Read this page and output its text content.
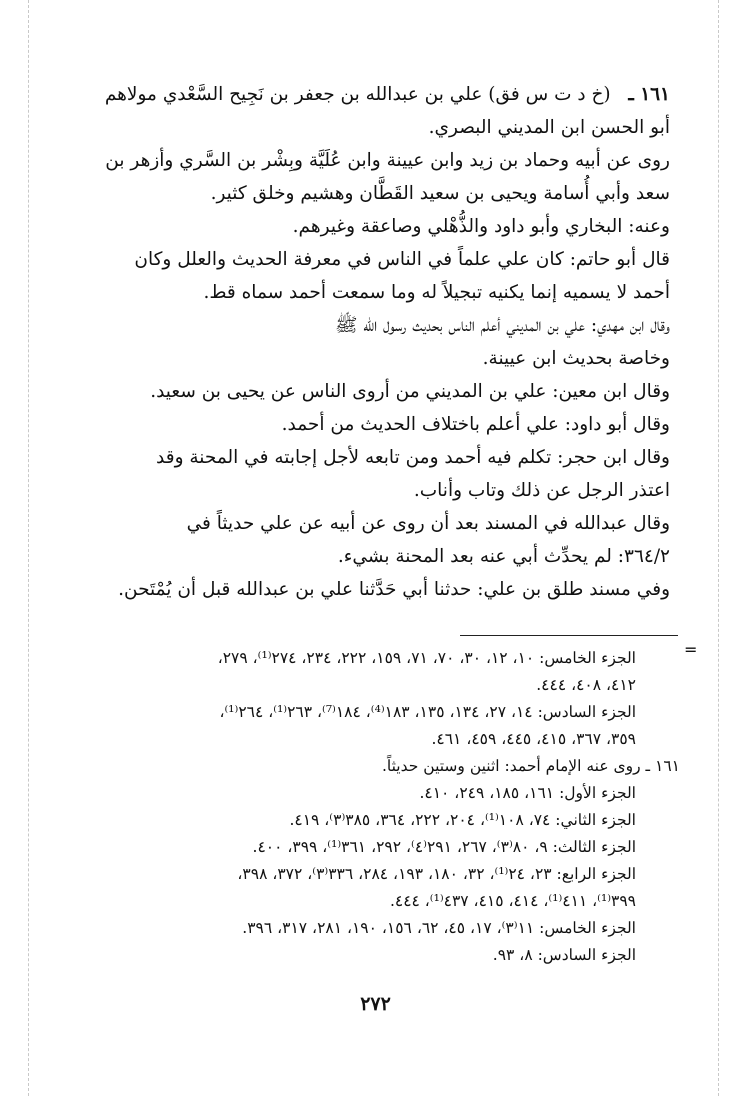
١٦١ ـ   (خ د ت س فق) علي بن عبدالله بن جعفر بن نَجِيح السَّعْدي مولاهم

أبو الحسن ابن المديني البصري.

روى عن أبيه وحماد بن زيد وابن عيينة وابن عُلَيَّة وبِشْر بن السَّري وأزهر بن

سعد وأبي أُسامة ويحيى بن سعيد القَطَّان وهشيم وخلق كثير.

وعنه: البخاري وأبو داود والذُّهْلي وصاعقة وغيرهم.

قال أبو حاتم: كان علي علماً في الناس في معرفة الحديث والعلل وكان

أحمد لا يسميه إنما يكنيه تبجيلاً له وما سمعت أحمد سماه قط.

وقال ابن مهدي: علي بن المديني أعلم الناس بحديث رسول الله ﷺ

وخاصة بحديث ابن عيينة.

وقال ابن معين: علي بن المديني من أروى الناس عن يحيى بن سعيد.

وقال أبو داود: علي أعلم باختلاف الحديث من أحمد.

وقال ابن حجر: تكلم فيه أحمد ومن تابعه لأجل إجابته في المحنة وقد

اعتذر الرجل عن ذلك وتاب وأناب.

وقال عبدالله في المسند بعد أن روى عن أبيه عن علي حديثاً في

٣٦٤/٢: لم يحدِّث أبي عنه بعد المحنة بشيء.

وفي مسند طلق بن علي: حدثنا أبي حَدَّثنا علي بن عبدالله قبل أن يُمْتَحن.

=

الجزء الخامس: ١٠، ١٢، ٣٠، ٧٠، ٧١، ١٥٩، ٢٢٢، ٢٣٤، ٢٧٤⁽¹⁾، ٢٧٩،

٤١٢، ٤٠٨، ٤٤٤.

الجزء السادس: ١٤، ٢٧، ١٣٤، ١٣٥، ١٨٣⁽⁴⁾، ١٨٤⁽⁷⁾، ٢٦٣⁽¹⁾، ٢٦٤⁽¹⁾،

٣٥٩، ٣٦٧، ٤١٥، ٤٤٥، ٤٥٩، ٤٦١.

١٦١ ـ روى عنه الإمام أحمد: اثنين وستين حديثاً.

الجزء الأول: ١٦١، ١٨٥، ٢٤٩، ٤١٠.

الجزء الثاني: ٧٤، ١٠٨⁽¹⁾، ٢٠٤، ٢٢٢، ٣٦٤، ٣٨٥⁽٣⁾، ٤١٩.

الجزء الثالث: ٩، ٨٠⁽٣⁾، ٢٦٧، ٢٩١⁽٤⁾، ٢٩٢، ٣٦١⁽¹⁾، ٣٩٩، ٤٠٠.

الجزء الرابع: ٢٣، ٢٤⁽¹⁾، ٣٢، ١٨٠، ١٩٣، ٢٨٤، ٣٣٦⁽٣⁾، ٣٧٢، ٣٩٨،

٣٩٩⁽¹⁾، ٤١١⁽¹⁾، ٤١٤، ٤١٥، ٤٣٧⁽¹⁾، ٤٤٤.

الجزء الخامس: ١١⁽٣⁾، ١٧، ٤٥، ٦٢، ١٥٦، ١٩٠، ٢٨١، ٣١٧، ٣٩٦.

الجزء السادس: ٨، ٩٣.

٢٧٢
